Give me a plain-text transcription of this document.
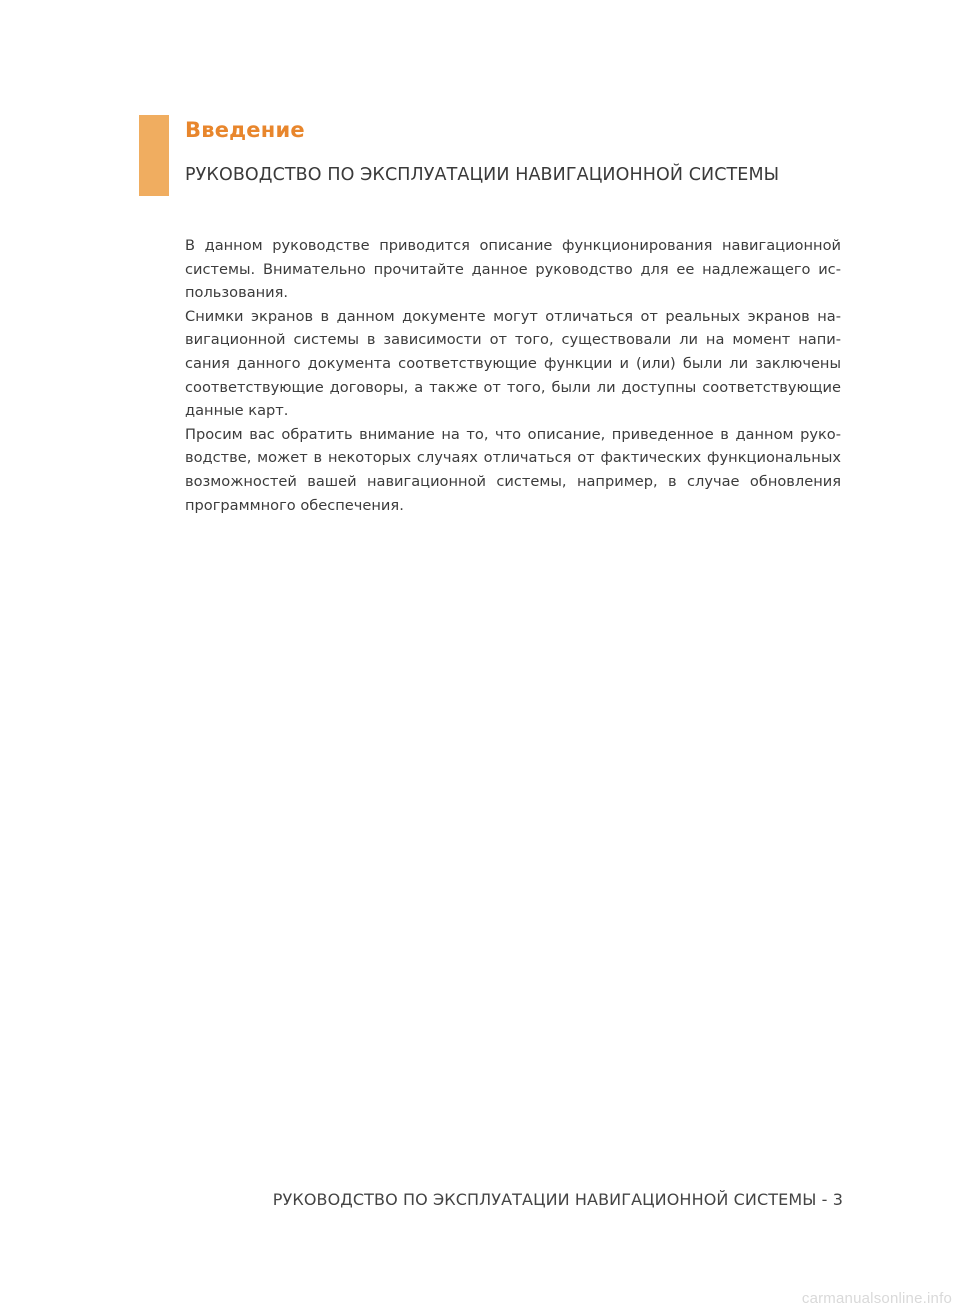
Введение
РУКОВОДСТВО ПО ЭКСПЛУАТАЦИИ НАВИГАЦИОННОЙ СИСТЕМЫ

В данном руководстве приводится описание функционирования навигационной системы. Внимательно прочитайте данное руководство для ее надлежащего использования.

Снимки экранов в данном документе могут отличаться от реальных экранов навигационной системы в зависимости от того, существовали ли на момент написания данного документа соответствующие функции и (или) были ли заключены соответствующие договоры, а также от того, были ли доступны соответствующие данные карт.

Просим вас обратить внимание на то, что описание, приведенное в данном руководстве, может в некоторых случаях отличаться от фактических функциональных возможностей вашей навигационной системы, например, в случае обновления программного обеспечения.

РУКОВОДСТВО ПО ЭКСПЛУАТАЦИИ НАВИГАЦИОННОЙ СИСТЕМЫ - 3
carmanualsonline.info
